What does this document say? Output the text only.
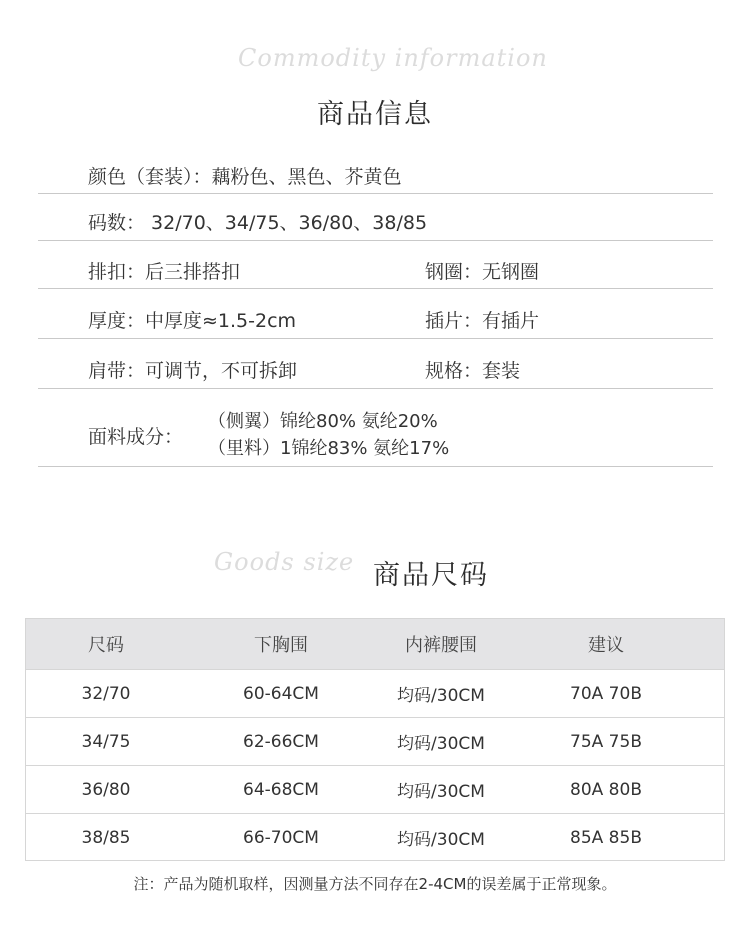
Commodity information
商品信息
颜色（套装）：藕粉色、黑色、芥黄色
码数： 32/70、34/75、36/80、38/85
排扣：后三排搭扣	钢圈：无钢圈
厚度：中厚度≈1.5-2cm	插片：有插片
肩带：可调节，不可拆卸	规格：套装
面料成分：
（侧翼）锦纶80% 氨纶20%
（里料）1锦纶83% 氨纶17%
Goods size 商品尺码
尺码	下胸围	内裤腰围	建议
32/70	60-64CM	均码/30CM	70A 70B
34/75	62-66CM	均码/30CM	75A 75B
36/80	64-68CM	均码/30CM	80A 80B
38/85	66-70CM	均码/30CM	85A 85B
注：产品为随机取样，因测量方法不同存在2-4CM的误差属于正常现象。
